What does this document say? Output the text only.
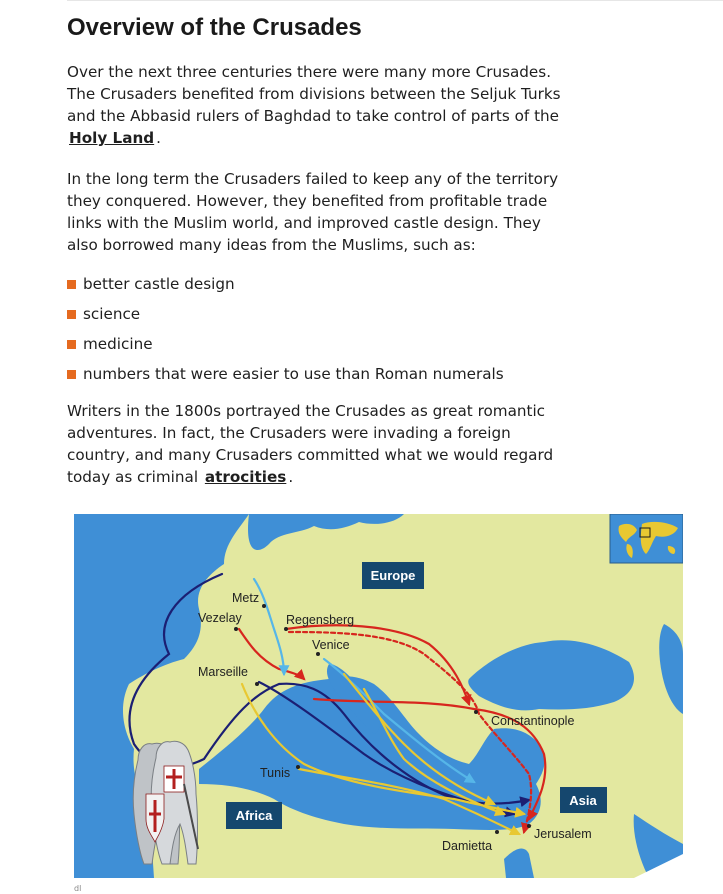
Overview of the Crusades

Over the next three centuries there were many more Crusades. The Crusaders benefited from divisions between the Seljuk Turks and the Abbasid rulers of Baghdad to take control of parts of the Holy Land .

In the long term the Crusaders failed to keep any of the territory they conquered. However, they benefited from profitable trade links with the Muslim world, and improved castle design. They also borrowed many ideas from the Muslims, such as:

better castle design
science
medicine
numbers that were easier to use than Roman numerals

Writers in the 1800s portrayed the Crusades as great romantic adventures. In fact, the Crusaders were invading a foreign country, and many Crusaders committed what we would regard today as criminal atrocities .

Metz
Vezelay	Regensberg
Venice
Marseille
Constantinople
Tunis
Jerusalem
Damietta
Europe
Africa
Asia
dl
